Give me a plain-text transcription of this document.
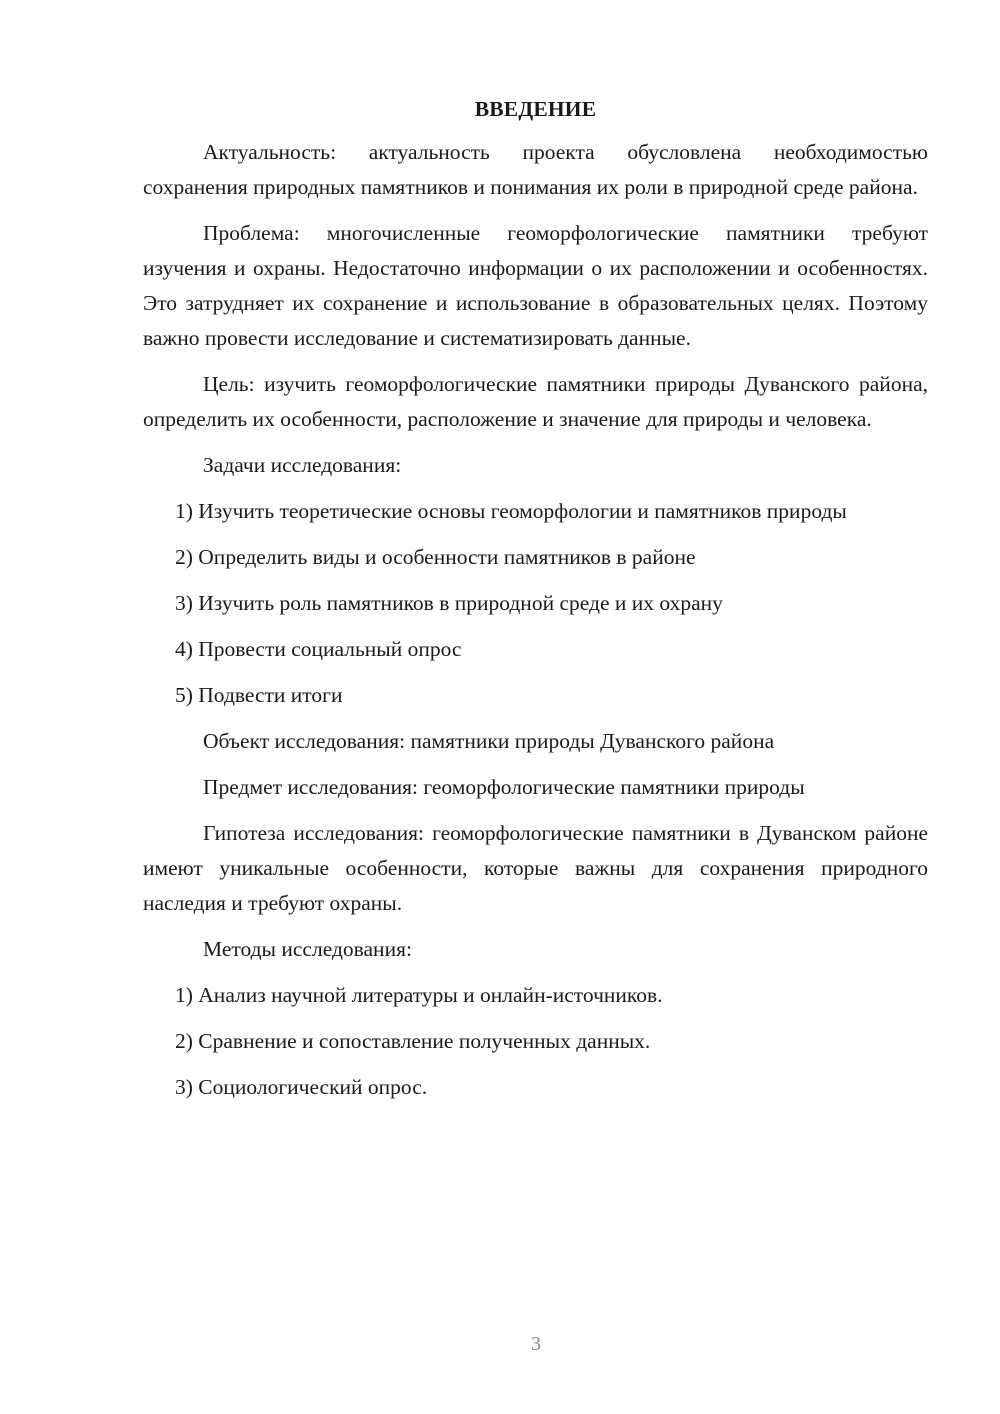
ВВЕДЕНИЕ

Актуальность: актуальность проекта обусловлена необходимостью сохранения природных памятников и понимания их роли в природной среде района.

Проблема: многочисленные геоморфологические памятники требуют изучения и охраны. Недостаточно информации о их расположении и особенностях. Это затрудняет их сохранение и использование в образовательных целях. Поэтому важно провести исследование и систематизировать данные.

Цель: изучить геоморфологические памятники природы Дуванского района, определить их особенности, расположение и значение для природы и человека.

Задачи исследования:

1) Изучить теоретические основы геоморфологии и памятников природы

2) Определить виды и особенности памятников в районе

3) Изучить роль памятников в природной среде и их охрану

4) Провести социальный опрос

5) Подвести итоги

Объект исследования: памятники природы Дуванского района

Предмет исследования: геоморфологические памятники природы

Гипотеза исследования: геоморфологические памятники в Дуванском районе имеют уникальные особенности, которые важны для сохранения природного наследия и требуют охраны.

Методы исследования:

1) Анализ научной литературы и онлайн-источников.

2) Сравнение и сопоставление полученных данных.

3) Социологический опрос.

3
